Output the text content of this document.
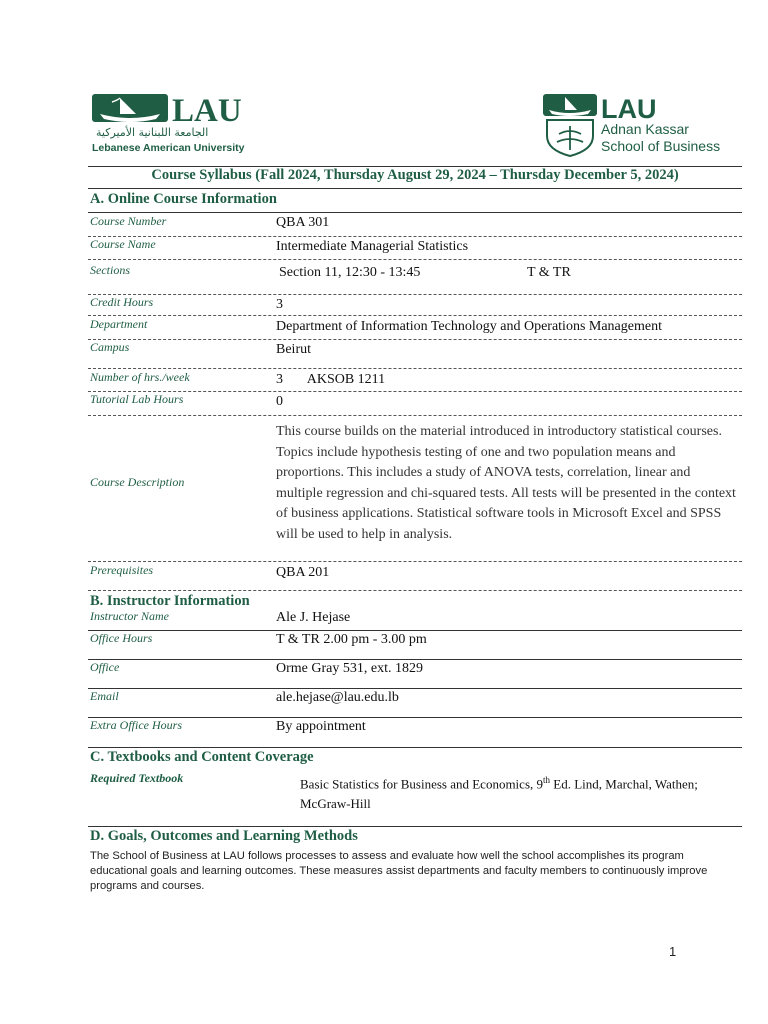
LAU
الجامعة اللبنانية الأميركية
Lebanese American University
LAU
Adnan Kassar
School of Business
Course Syllabus (Fall 2024, Thursday August 29, 2024 – Thursday December 5, 2024)
A. Online Course Information
Course Number	QBA 301
Course Name	Intermediate Managerial Statistics
Sections	Section 11, 12:30 - 13:45	T & TR
Credit Hours	3
Department	Department of Information Technology and Operations Management
Campus	Beirut
Number of hrs./week	3       AKSOB 1211
Tutorial Lab Hours	0
Course Description
This course builds on the material introduced in introductory statistical courses. Topics include hypothesis testing of one and two population means and proportions. This includes a study of ANOVA tests, correlation, linear and multiple regression and chi-squared tests. All tests will be presented in the context of business applications. Statistical software tools in Microsoft Excel and SPSS will be used to help in analysis.
Prerequisites	QBA 201
B. Instructor Information
Instructor Name	Ale J. Hejase
Office Hours	T & TR 2.00 pm - 3.00 pm
Office	Orme Gray 531, ext. 1829
Email	ale.hejase@lau.edu.lb
Extra Office Hours	By appointment
C. Textbooks and Content Coverage
Required Textbook	Basic Statistics for Business and Economics, 9th Ed. Lind, Marchal, Wathen; McGraw-Hill
D. Goals, Outcomes and Learning Methods
The School of Business at LAU follows processes to assess and evaluate how well the school accomplishes its program educational goals and learning outcomes. These measures assist departments and faculty members to continuously improve programs and courses.
1
